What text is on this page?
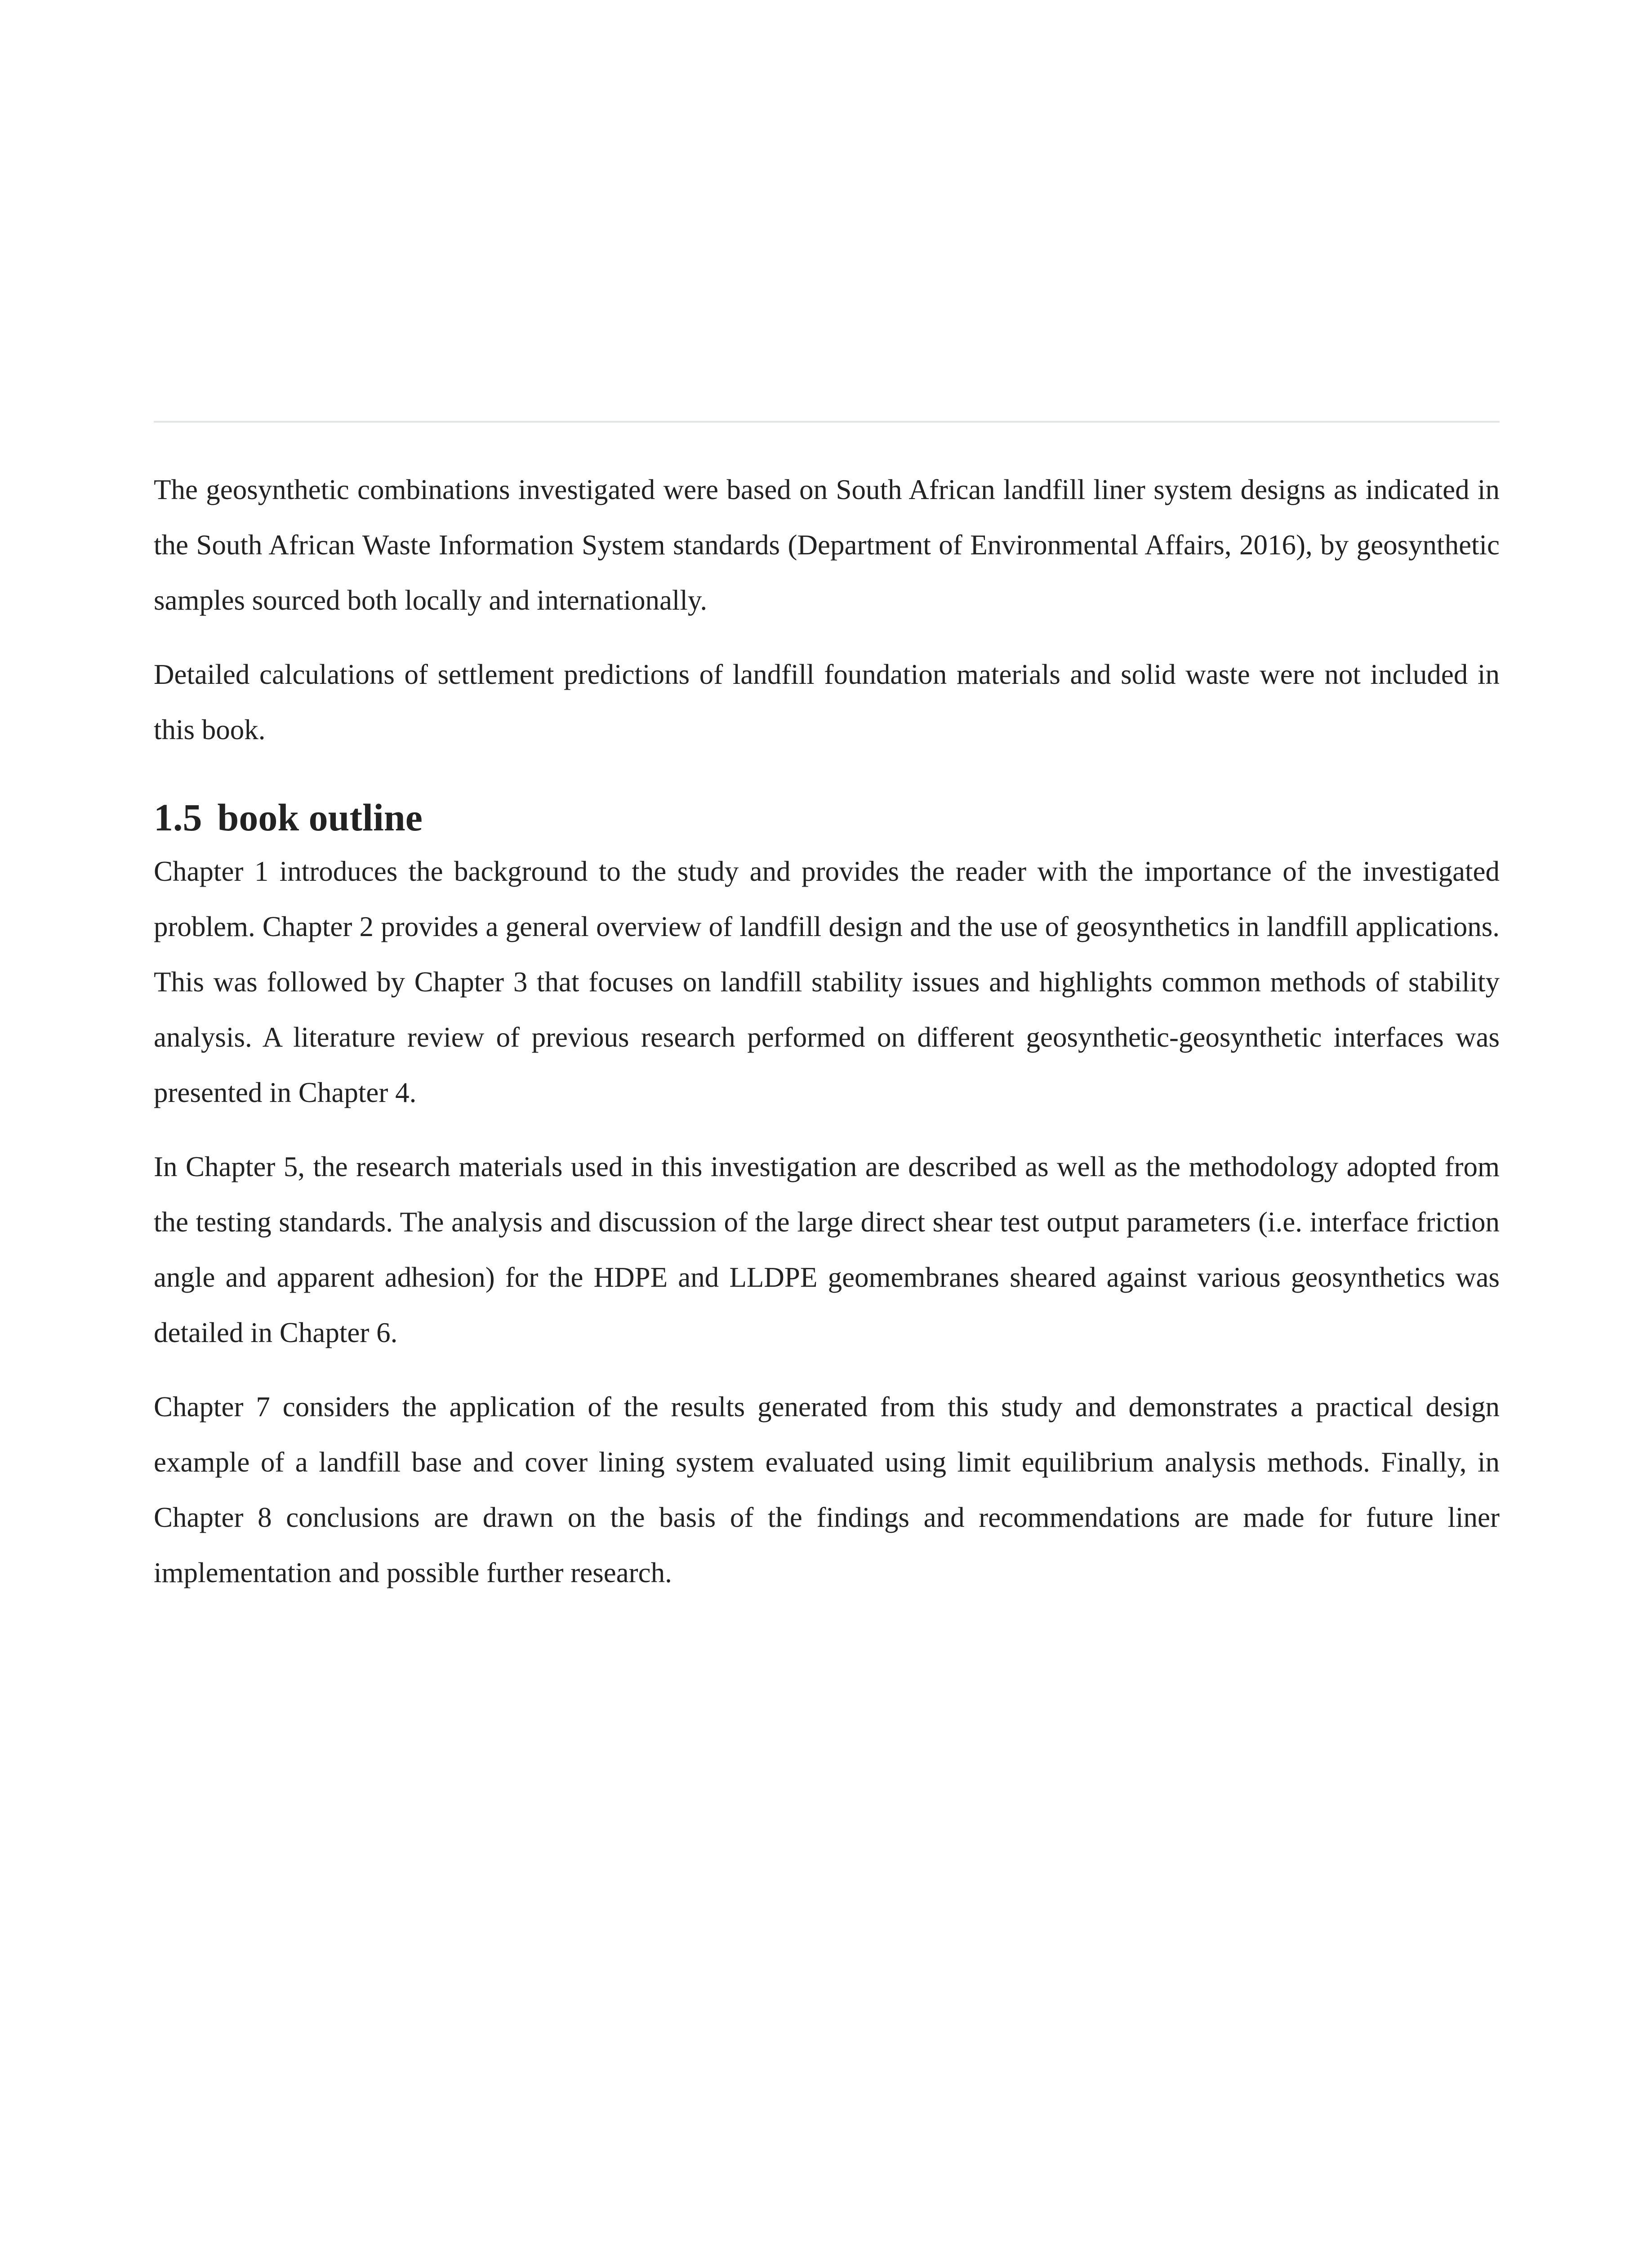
The geosynthetic combinations investigated were based on South African landfill liner system designs as indicated in the South African Waste Information System standards (Department of Environmental Affairs, 2016), by geosynthetic samples sourced both locally and internationally.

Detailed calculations of settlement predictions of landfill foundation materials and solid waste were not included in this book.

1.5 book outline

Chapter 1 introduces the background to the study and provides the reader with the importance of the investigated problem. Chapter 2 provides a general overview of landfill design and the use of geosynthetics in landfill applications. This was followed by Chapter 3 that focuses on landfill stability issues and highlights common methods of stability analysis. A literature review of previous research performed on different geosynthetic-geosynthetic interfaces was presented in Chapter 4.

In Chapter 5, the research materials used in this investigation are described as well as the methodology adopted from the testing standards. The analysis and discussion of the large direct shear test output parameters (i.e. interface friction angle and apparent adhesion) for the HDPE and LLDPE geomembranes sheared against various geosynthetics was detailed in Chapter 6.

Chapter 7 considers the application of the results generated from this study and demonstrates a practical design example of a landfill base and cover lining system evaluated using limit equilibrium analysis methods. Finally, in Chapter 8 conclusions are drawn on the basis of the findings and recommendations are made for future liner implementation and possible further research.
